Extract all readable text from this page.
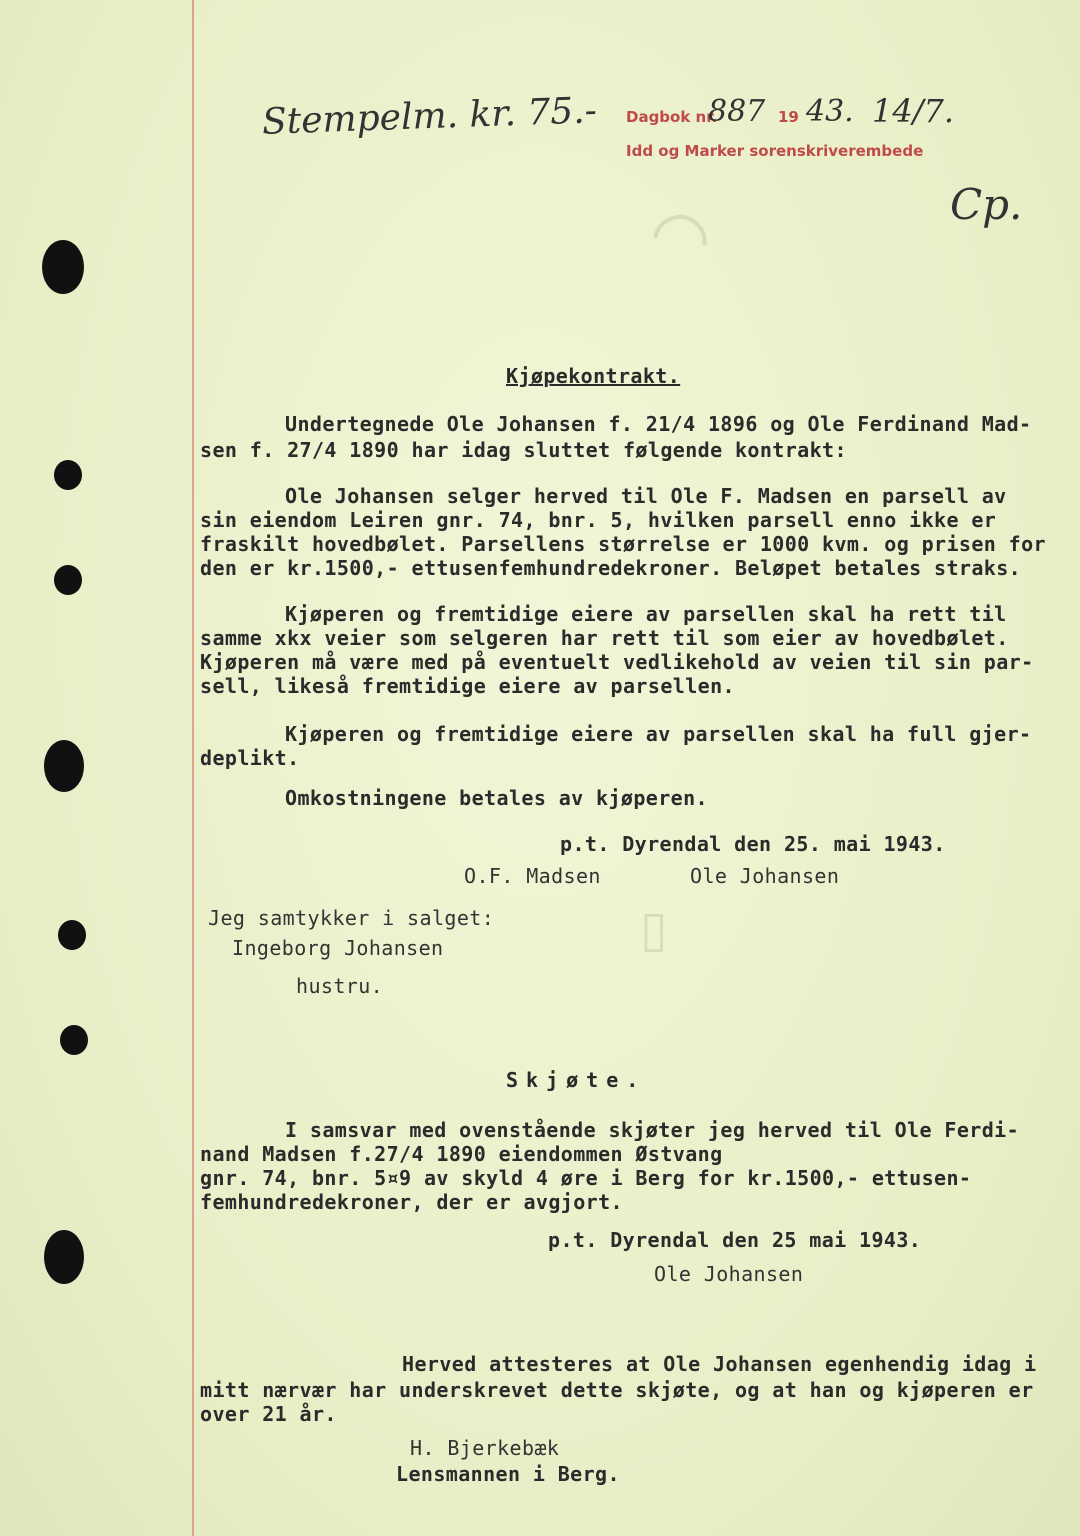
◠
▯
Stempelm. kr. 75.- Dagbok nr.
887 19 43. 14/7.
Idd og Marker sorenskriverembede
Cp.
Kjøpekontrakt.
Undertegnede Ole Johansen f. 21/4 1896 og Ole Ferdinand Mad-
sen f. 27/4 1890 har idag sluttet følgende kontrakt:
Ole Johansen selger herved til Ole F. Madsen en parsell av
sin eiendom Leiren gnr. 74, bnr. 5, hvilken parsell enno ikke er
fraskilt hovedbølet. Parsellens størrelse er 1000 kvm. og prisen for
den er kr.1500,- ettusenfemhundredekroner. Beløpet betales straks.
Kjøperen og fremtidige eiere av parsellen skal ha rett til
samme xkx veier som selgeren har rett til som eier av hovedbølet.
Kjøperen må være med på eventuelt vedlikehold av veien til sin par-
sell, likeså fremtidige eiere av parsellen.
Kjøperen og fremtidige eiere av parsellen skal ha full gjer-
deplikt.
Omkostningene betales av kjøperen.
p.t. Dyrendal den 25. mai 1943.
O.F. Madsen	Ole Johansen
Jeg samtykker i salget:
Ingeborg Johansen
hustru.
Skjøte.
I samsvar med ovenstående skjøter jeg herved til Ole Ferdi-
nand Madsen f.27/4 1890 eiendommen Østvang
gnr. 74, bnr. 5¤9 av skyld 4 øre i Berg for kr.1500,- ettusen-
femhundredekroner, der er avgjort.
p.t. Dyrendal den 25 mai 1943.
Ole Johansen
Herved attesteres at Ole Johansen egenhendig idag i
mitt nærvær har underskrevet dette skjøte, og at han og kjøperen er
over 21 år.
H. Bjerkebæk
Lensmannen i Berg.
